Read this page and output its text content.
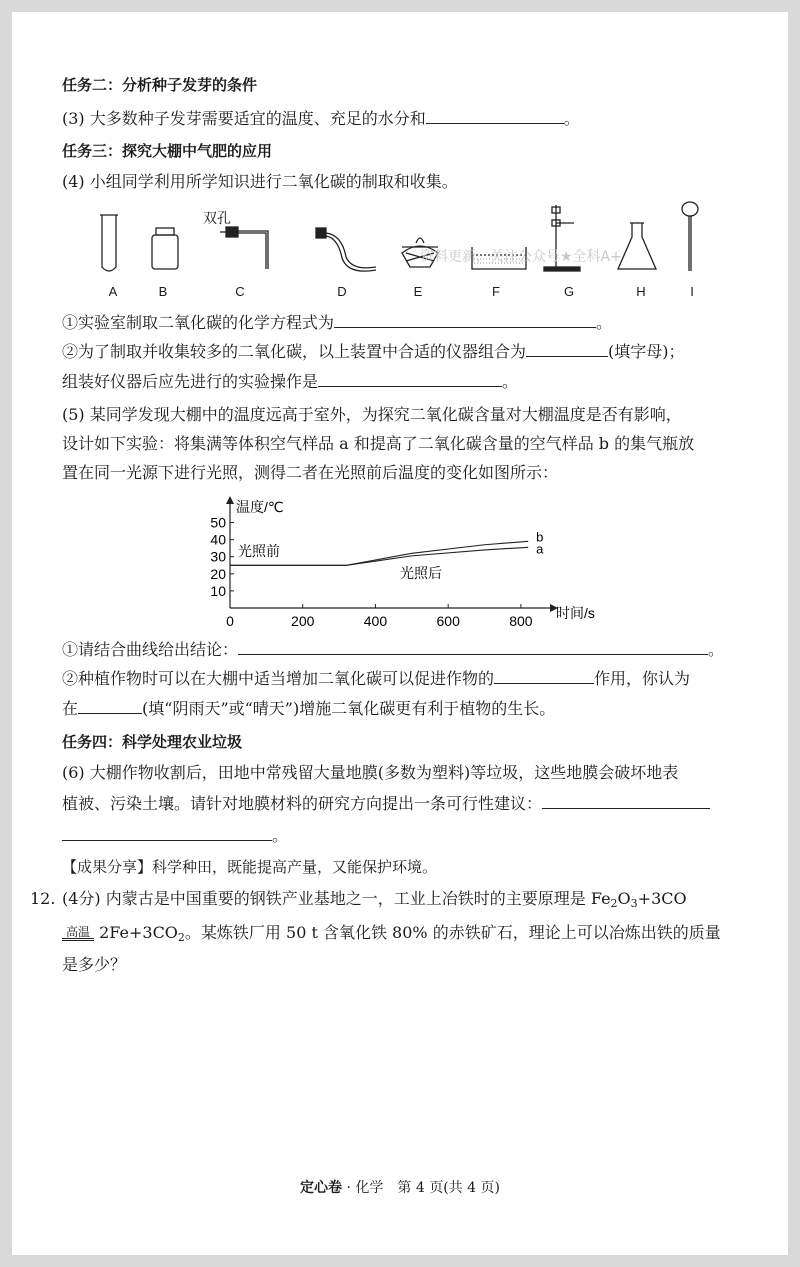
任务二：分析种子发芽的条件
(3) 大多数种子发芽需要适宜的温度、充足的水分和	。
任务三：探究大棚中气肥的应用
(4) 小组同学利用所学知识进行二氧化碳的制取和收集。
双孔
资料更新，关注公众号★全科A+
A	B	C	D	E	F	G	H	I
①实验室制取二氧化碳的化学方程式为	。
②为了制取并收集较多的二氧化碳，以上装置中合适的仪器组合为	(填字母)；
组装好仪器后应先进行的实验操作是	。
(5) 某同学发现大棚中的温度远高于室外，为探究二氧化碳含量对大棚温度是否有影响，
设计如下实验：将集满等体积空气样品 a 和提高了二氧化碳含量的空气样品 b 的集气瓶放
置在同一光源下进行光照，测得二者在光照前后温度的变化如图所示：
0	200	400	600	800
10
20
30
40
50
b
a
温度/℃
时间/s
光照前
光照后
①请结合曲线给出结论：	。
②种植作物时可以在大棚中适当增加二氧化碳可以促进作物的	作用，你认为
在	(填“阴雨天”或“晴天”)增施二氧化碳更有利于植物的生长。
任务四：科学处理农业垃圾
(6) 大棚作物收割后，田地中常残留大量地膜(多数为塑料)等垃圾，这些地膜会破坏地表
植被、污染土壤。请针对地膜材料的研究方向提出一条可行性建议：
。
【成果分享】科学种田，既能提高产量，又能保护环境。
12. (4分) 内蒙古是中国重要的钢铁产业基地之一，工业上冶铁时的主要原理是 $Fe_2O_3+3CO$
高温 $2Fe+3CO_2$。某炼铁厂用 50 t 含氧化铁 80% 的赤铁矿石，理论上可以冶炼出铁的质量
是多少？
定心卷 · 化学　第 4 页(共 4 页)
